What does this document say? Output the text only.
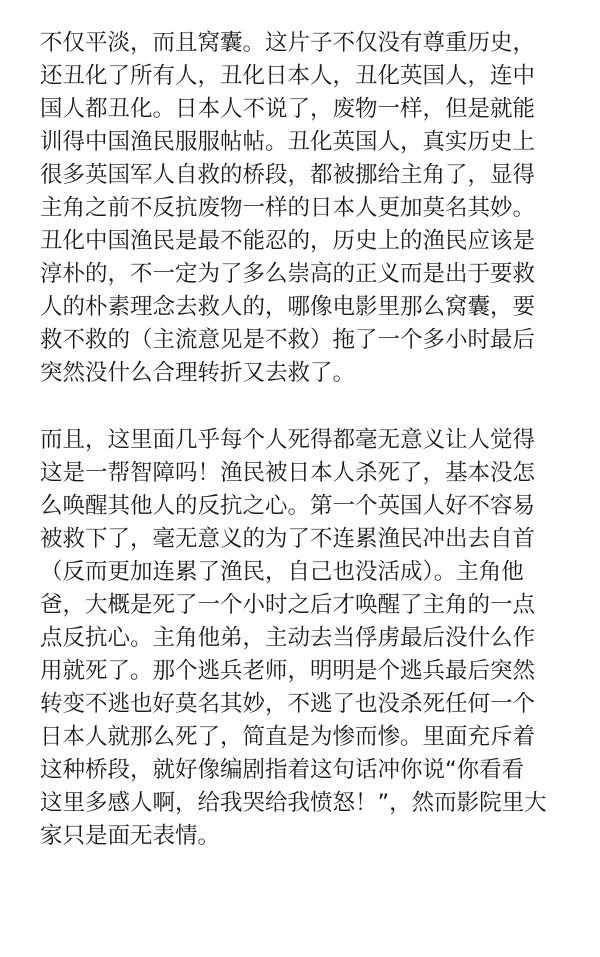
不仅平淡，而且窝囊。这片子不仅没有尊重历史，
还丑化了所有人，丑化日本人，丑化英国人，连中
国人都丑化。日本人不说了，废物一样，但是就能
训得中国渔民服服帖帖。丑化英国人，真实历史上
很多英国军人自救的桥段，都被挪给主角了，显得
主角之前不反抗废物一样的日本人更加莫名其妙。
丑化中国渔民是最不能忍的，历史上的渔民应该是
淳朴的，不一定为了多么崇高的正义而是出于要救
人的朴素理念去救人的，哪像电影里那么窝囊，要
救不救的（主流意见是不救）拖了一个多小时最后
突然没什么合理转折又去救了。

而且，这里面几乎每个人死得都毫无意义让人觉得
这是一帮智障吗！渔民被日本人杀死了，基本没怎
么唤醒其他人的反抗之心。第一个英国人好不容易
被救下了，毫无意义的为了不连累渔民冲出去自首
（反而更加连累了渔民，自己也没活成）。主角他
爸，大概是死了一个小时之后才唤醒了主角的一点
点反抗心。主角他弟，主动去当俘虏最后没什么作
用就死了。那个逃兵老师，明明是个逃兵最后突然
转变不逃也好莫名其妙，不逃了也没杀死任何一个
日本人就那么死了，简直是为惨而惨。里面充斥着
这种桥段，就好像编剧指着这句话冲你说“你看看
这里多感人啊，给我哭给我愤怒！”，然而影院里大
家只是面无表情。
